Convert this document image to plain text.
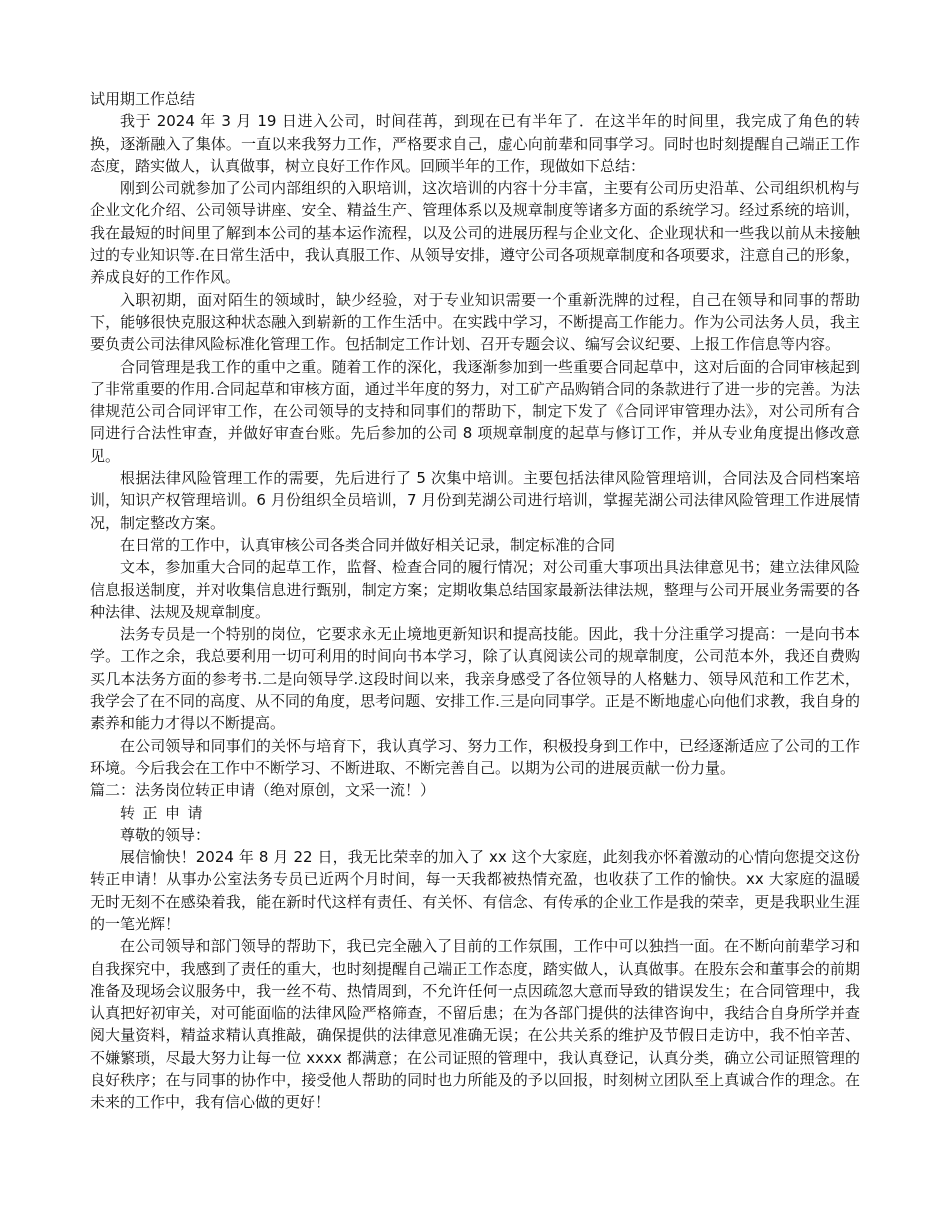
试用期工作总结

我于 2024 年 3 月 19 日进入公司，时间荏苒，到现在已有半年了．在这半年的时间里，我完成了角色的转换，逐渐融入了集体。一直以来我努力工作，严格要求自己，虚心向前辈和同事学习。同时也时刻提醒自己端正工作态度，踏实做人，认真做事，树立良好工作作风。回顾半年的工作，现做如下总结：

刚到公司就参加了公司内部组织的入职培训，这次培训的内容十分丰富，主要有公司历史沿革、公司组织机构与企业文化介绍、公司领导讲座、安全、精益生产、管理体系以及规章制度等诸多方面的系统学习。经过系统的培训，我在最短的时间里了解到本公司的基本运作流程，以及公司的进展历程与企业文化、企业现状和一些我以前从未接触过的专业知识等.在日常生活中，我认真服工作、从领导安排，遵守公司各项规章制度和各项要求，注意自己的形象，养成良好的工作作风。

入职初期，面对陌生的领域时，缺少经验，对于专业知识需要一个重新洗牌的过程，自己在领导和同事的帮助下，能够很快克服这种状态融入到崭新的工作生活中。在实践中学习，不断提高工作能力。作为公司法务人员，我主要负责公司法律风险标准化管理工作。包括制定工作计划、召开专题会议、编写会议纪要、上报工作信息等内容。

合同管理是我工作的重中之重。随着工作的深化，我逐渐参加到一些重要合同起草中，这对后面的合同审核起到了非常重要的作用.合同起草和审核方面，通过半年度的努力，对工矿产品购销合同的条款进行了进一步的完善。为法律规范公司合同评审工作，在公司领导的支持和同事们的帮助下，制定下发了《合同评审管理办法》，对公司所有合同进行合法性审查，并做好审查台账。先后参加的公司 8 项规章制度的起草与修订工作，并从专业角度提出修改意见。

根据法律风险管理工作的需要，先后进行了 5 次集中培训。主要包括法律风险管理培训，合同法及合同档案培训，知识产权管理培训。6 月份组织全员培训，7 月份到芜湖公司进行培训，掌握芜湖公司法律风险管理工作进展情况，制定整改方案。

在日常的工作中，认真审核公司各类合同并做好相关记录，制定标准的合同

文本，参加重大合同的起草工作，监督、检查合同的履行情况；对公司重大事项出具法律意见书；建立法律风险信息报送制度，并对收集信息进行甄别，制定方案；定期收集总结国家最新法律法规，整理与公司开展业务需要的各种法律、法规及规章制度。

法务专员是一个特别的岗位，它要求永无止境地更新知识和提高技能。因此，我十分注重学习提高：一是向书本学。工作之余，我总要利用一切可利用的时间向书本学习，除了认真阅读公司的规章制度，公司范本外，我还自费购买几本法务方面的参考书.二是向领导学.这段时间以来，我亲身感受了各位领导的人格魅力、领导风范和工作艺术，我学会了在不同的高度、从不同的角度，思考问题、安排工作.三是向同事学。正是不断地虚心向他们求教，我自身的素养和能力才得以不断提高。

在公司领导和同事们的关怀与培育下，我认真学习、努力工作，积极投身到工作中，已经逐渐适应了公司的工作环境。今后我会在工作中不断学习、不断进取、不断完善自己。以期为公司的进展贡献一份力量。

篇二：法务岗位转正申请（绝对原创，文采一流！）

转正申请

尊敬的领导：

展信愉快！2024 年 8 月 22 日，我无比荣幸的加入了 xx 这个大家庭，此刻我亦怀着激动的心情向您提交这份转正申请！从事办公室法务专员已近两个月时间，每一天我都被热情充盈，也收获了工作的愉快。xx 大家庭的温暖无时无刻不在感染着我，能在新时代这样有责任、有关怀、有信念、有传承的企业工作是我的荣幸，更是我职业生涯的一笔光辉！

在公司领导和部门领导的帮助下，我已完全融入了目前的工作氛围，工作中可以独挡一面。在不断向前辈学习和自我探究中，我感到了责任的重大，也时刻提醒自己端正工作态度，踏实做人，认真做事。在股东会和董事会的前期准备及现场会议服务中，我一丝不苟、热情周到，不允许任何一点因疏忽大意而导致的错误发生；在合同管理中，我认真把好初审关，对可能面临的法律风险严格筛查，不留后患；在为各部门提供的法律咨询中，我结合自身所学并查阅大量资料，精益求精认真推敲，确保提供的法律意见准确无误；在公共关系的维护及节假日走访中，我不怕辛苦、不嫌繁琐，尽最大努力让每一位 xxxx 都满意；在公司证照的管理中，我认真登记，认真分类，确立公司证照管理的良好秩序；在与同事的协作中，接受他人帮助的同时也力所能及的予以回报，时刻树立团队至上真诚合作的理念。在未来的工作中，我有信心做的更好！
